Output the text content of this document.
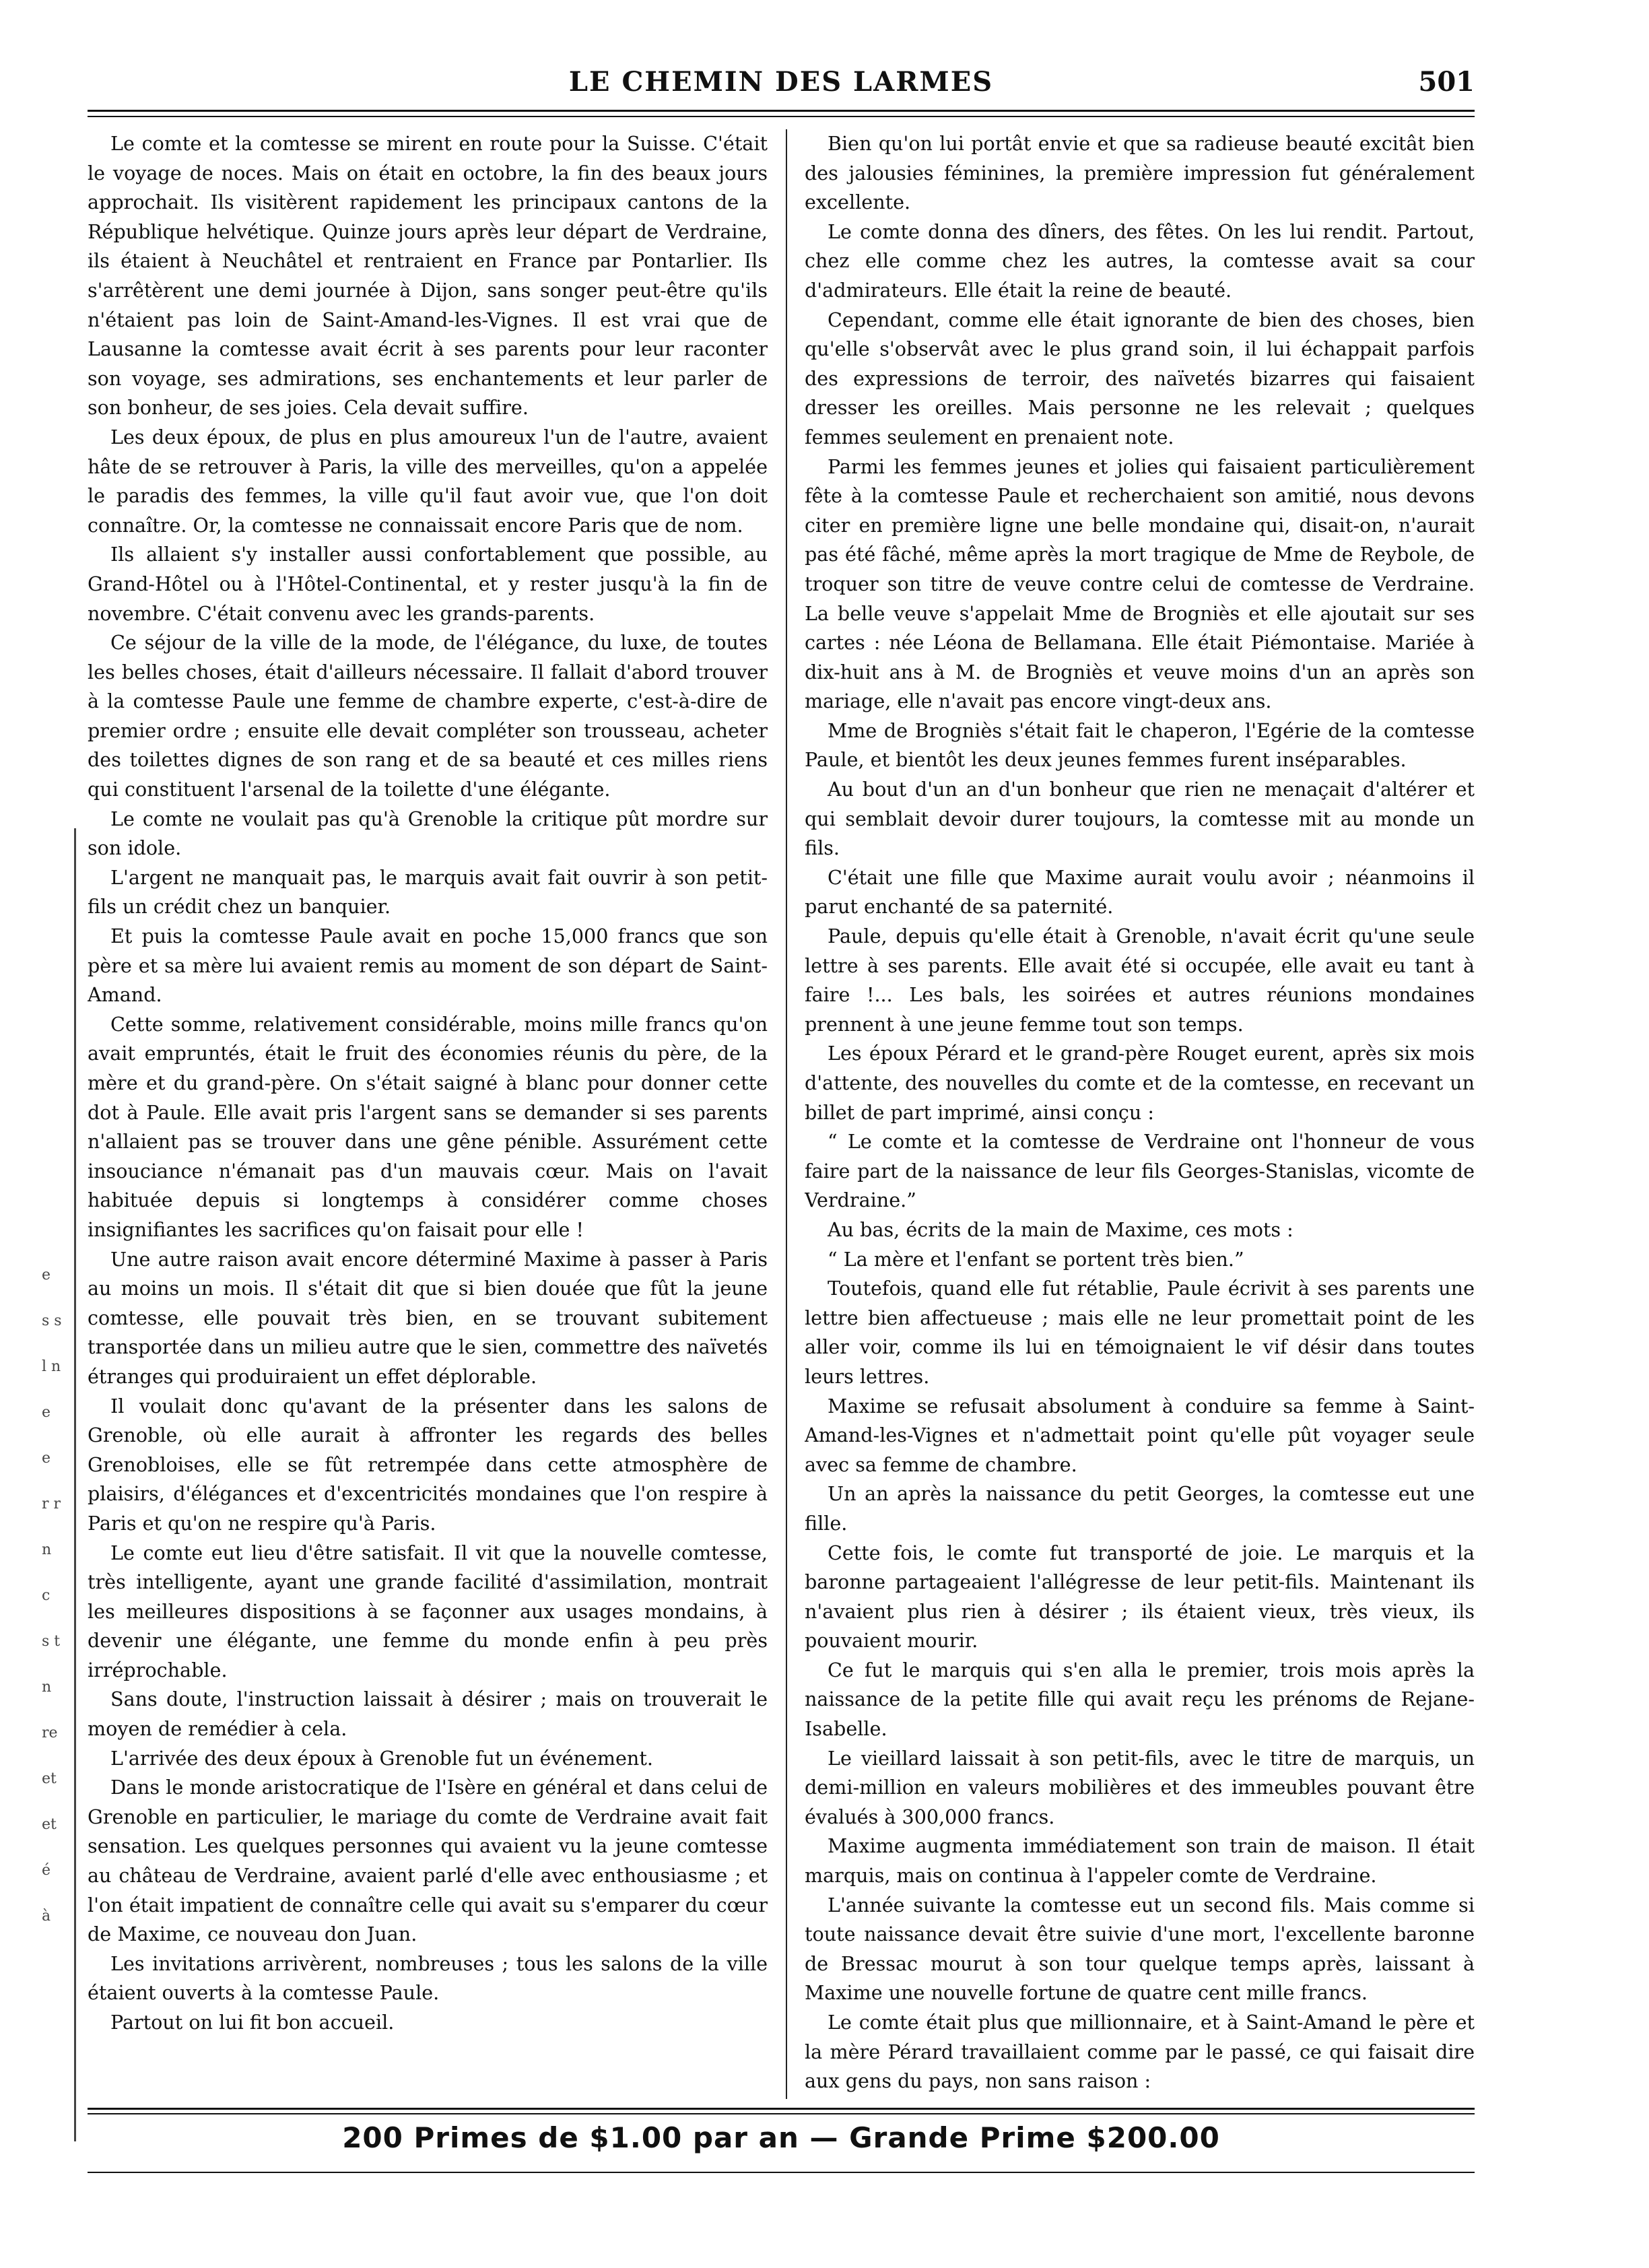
LE CHEMIN DES LARMES	501
e s s l n e e r r n c s t n re et et é à

Le comte et la comtesse se mirent en route pour la Suisse. C'était le voyage de noces. Mais on était en octobre, la fin des beaux jours approchait. Ils visitèrent rapidement les principaux cantons de la République helvétique. Quinze jours après leur départ de Verdraine, ils étaient à Neuchâtel et rentraient en France par Pontarlier. Ils s'arrêtèrent une demi journée à Dijon, sans songer peut-être qu'ils n'étaient pas loin de Saint-Amand-les-Vignes. Il est vrai que de Lausanne la comtesse avait écrit à ses parents pour leur raconter son voyage, ses admirations, ses enchantements et leur parler de son bonheur, de ses joies. Cela devait suffire.

Les deux époux, de plus en plus amoureux l'un de l'autre, avaient hâte de se retrouver à Paris, la ville des merveilles, qu'on a appelée le paradis des femmes, la ville qu'il faut avoir vue, que l'on doit connaître. Or, la comtesse ne connaissait encore Paris que de nom.

Ils allaient s'y installer aussi confortablement que possible, au Grand-Hôtel ou à l'Hôtel-Continental, et y rester jusqu'à la fin de novembre. C'était convenu avec les grands-parents.

Ce séjour de la ville de la mode, de l'élégance, du luxe, de toutes les belles choses, était d'ailleurs nécessaire. Il fallait d'abord trouver à la comtesse Paule une femme de chambre experte, c'est-à-dire de premier ordre ; ensuite elle devait compléter son trousseau, acheter des toilettes dignes de son rang et de sa beauté et ces milles riens qui constituent l'arsenal de la toilette d'une élégante.

Le comte ne voulait pas qu'à Grenoble la critique pût mordre sur son idole.

L'argent ne manquait pas, le marquis avait fait ouvrir à son petit-fils un crédit chez un banquier.

Et puis la comtesse Paule avait en poche 15,000 francs que son père et sa mère lui avaient remis au moment de son départ de Saint-Amand.

Cette somme, relativement considérable, moins mille francs qu'on avait empruntés, était le fruit des économies réunis du père, de la mère et du grand-père. On s'était saigné à blanc pour donner cette dot à Paule. Elle avait pris l'argent sans se demander si ses parents n'allaient pas se trouver dans une gêne pénible. Assurément cette insouciance n'émanait pas d'un mauvais cœur. Mais on l'avait habituée depuis si longtemps à considérer comme choses insignifiantes les sacrifices qu'on faisait pour elle !

Une autre raison avait encore déterminé Maxime à passer à Paris au moins un mois. Il s'était dit que si bien douée que fût la jeune comtesse, elle pouvait très bien, en se trouvant subitement transportée dans un milieu autre que le sien, commettre des naïvetés étranges qui produiraient un effet déplorable.

Il voulait donc qu'avant de la présenter dans les salons de Grenoble, où elle aurait à affronter les regards des belles Grenobloises, elle se fût retrempée dans cette atmosphère de plaisirs, d'élégances et d'excentricités mondaines que l'on respire à Paris et qu'on ne respire qu'à Paris.

Le comte eut lieu d'être satisfait. Il vit que la nouvelle comtesse, très intelligente, ayant une grande facilité d'assimilation, montrait les meilleures dispositions à se façonner aux usages mondains, à devenir une élégante, une femme du monde enfin à peu près irréprochable.

Sans doute, l'instruction laissait à désirer ; mais on trouverait le moyen de remédier à cela.

L'arrivée des deux époux à Grenoble fut un événement.

Dans le monde aristocratique de l'Isère en général et dans celui de Grenoble en particulier, le mariage du comte de Verdraine avait fait sensation. Les quelques personnes qui avaient vu la jeune comtesse au château de Verdraine, avaient parlé d'elle avec enthousiasme ; et l'on était impatient de connaître celle qui avait su s'emparer du cœur de Maxime, ce nouveau don Juan.

Les invitations arrivèrent, nombreuses ; tous les salons de la ville étaient ouverts à la comtesse Paule.

Partout on lui fit bon accueil.

Bien qu'on lui portât envie et que sa radieuse beauté excitât bien des jalousies féminines, la première impression fut généralement excellente.

Le comte donna des dîners, des fêtes. On les lui rendit. Partout, chez elle comme chez les autres, la comtesse avait sa cour d'admirateurs. Elle était la reine de beauté.

Cependant, comme elle était ignorante de bien des choses, bien qu'elle s'observât avec le plus grand soin, il lui échappait parfois des expressions de terroir, des naïvetés bizarres qui faisaient dresser les oreilles. Mais personne ne les relevait ; quelques femmes seulement en prenaient note.

Parmi les femmes jeunes et jolies qui faisaient particulièrement fête à la comtesse Paule et recherchaient son amitié, nous devons citer en première ligne une belle mondaine qui, disait-on, n'aurait pas été fâché, même après la mort tragique de Mme de Reybole, de troquer son titre de veuve contre celui de comtesse de Verdraine. La belle veuve s'appelait Mme de Brogniès et elle ajoutait sur ses cartes : née Léona de Bellamana. Elle était Piémontaise. Mariée à dix-huit ans à M. de Brogniès et veuve moins d'un an après son mariage, elle n'avait pas encore vingt-deux ans.

Mme de Brogniès s'était fait le chaperon, l'Egérie de la comtesse Paule, et bientôt les deux jeunes femmes furent inséparables.

Au bout d'un an d'un bonheur que rien ne menaçait d'altérer et qui semblait devoir durer toujours, la comtesse mit au monde un fils.

C'était une fille que Maxime aurait voulu avoir ; néanmoins il parut enchanté de sa paternité.

Paule, depuis qu'elle était à Grenoble, n'avait écrit qu'une seule lettre à ses parents. Elle avait été si occupée, elle avait eu tant à faire !... Les bals, les soirées et autres réunions mondaines prennent à une jeune femme tout son temps.

Les époux Pérard et le grand-père Rouget eurent, après six mois d'attente, des nouvelles du comte et de la comtesse, en recevant un billet de part imprimé, ainsi conçu :

“ Le comte et la comtesse de Verdraine ont l'honneur de vous faire part de la naissance de leur fils Georges-Stanislas, vicomte de Verdraine.”

Au bas, écrits de la main de Maxime, ces mots :

“ La mère et l'enfant se portent très bien.”

Toutefois, quand elle fut rétablie, Paule écrivit à ses parents une lettre bien affectueuse ; mais elle ne leur promettait point de les aller voir, comme ils lui en témoignaient le vif désir dans toutes leurs lettres.

Maxime se refusait absolument à conduire sa femme à Saint-Amand-les-Vignes et n'admettait point qu'elle pût voyager seule avec sa femme de chambre.

Un an après la naissance du petit Georges, la comtesse eut une fille.

Cette fois, le comte fut transporté de joie. Le marquis et la baronne partageaient l'allégresse de leur petit-fils. Maintenant ils n'avaient plus rien à désirer ; ils étaient vieux, très vieux, ils pouvaient mourir.

Ce fut le marquis qui s'en alla le premier, trois mois après la naissance de la petite fille qui avait reçu les prénoms de Rejane-Isabelle.

Le vieillard laissait à son petit-fils, avec le titre de marquis, un demi-million en valeurs mobilières et des immeubles pouvant être évalués à 300,000 francs.

Maxime augmenta immédiatement son train de maison. Il était marquis, mais on continua à l'appeler comte de Verdraine.

L'année suivante la comtesse eut un second fils. Mais comme si toute naissance devait être suivie d'une mort, l'excellente baronne de Bressac mourut à son tour quelque temps après, laissant à Maxime une nouvelle fortune de quatre cent mille francs.

Le comte était plus que millionnaire, et à Saint-Amand le père et la mère Pérard travaillaient comme par le passé, ce qui faisait dire aux gens du pays, non sans raison :

200 Primes de $1.00 par an — Grande Prime $200.00
